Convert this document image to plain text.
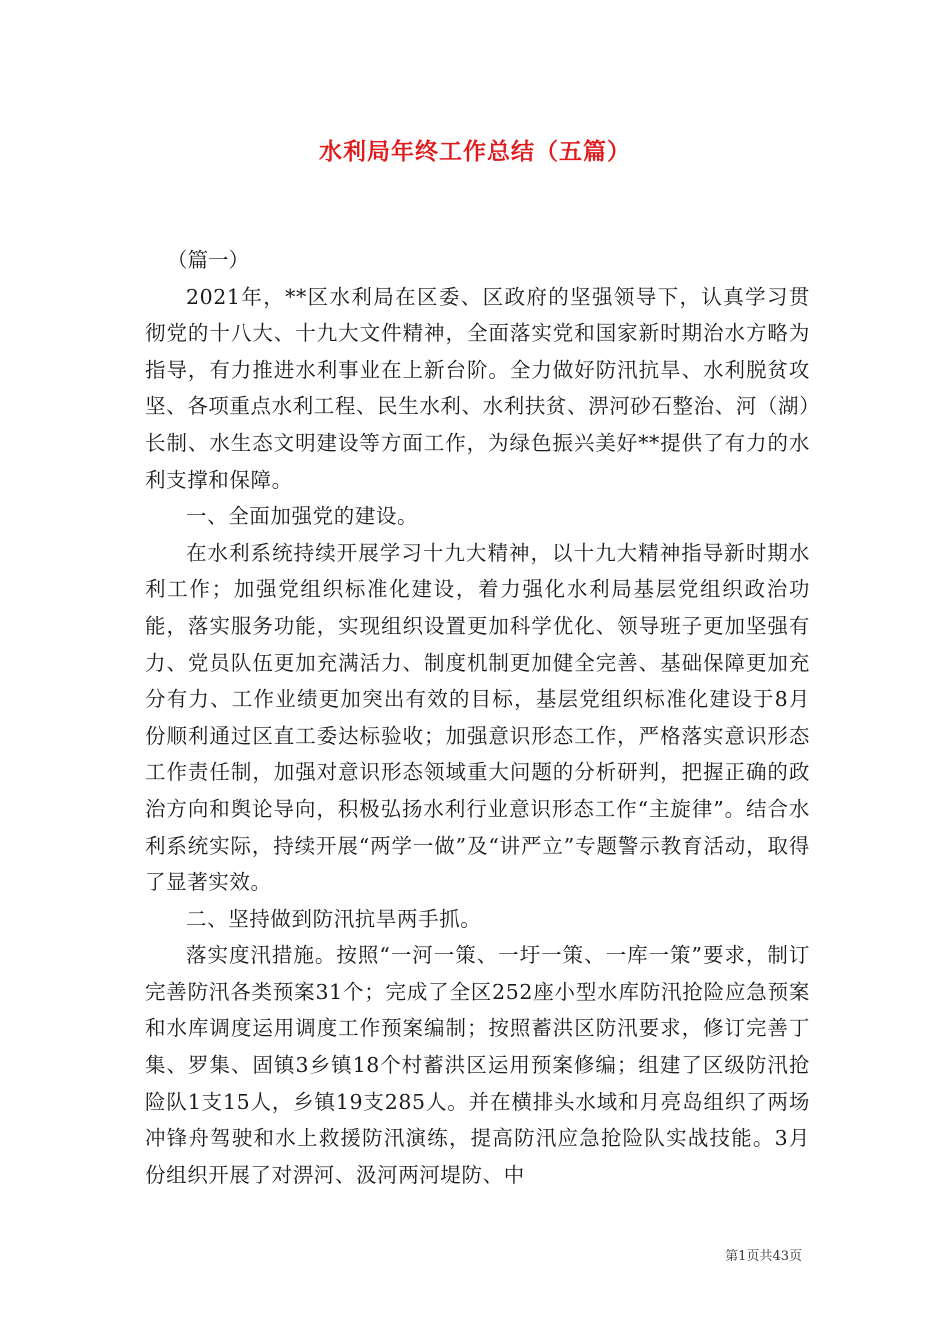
水利局年终工作总结（五篇）

（篇一）

2021年，**区水利局在区委、区政府的坚强领导下，认真学习贯彻党的十八大、十九大文件精神，全面落实党和国家新时期治水方略为指导，有力推进水利事业在上新台阶。全力做好防汛抗旱、水利脱贫攻坚、各项重点水利工程、民生水利、水利扶贫、淠河砂石整治、河（湖）长制、水生态文明建设等方面工作，为绿色振兴美好**提供了有力的水利支撑和保障。

一、全面加强党的建设。

在水利系统持续开展学习十九大精神，以十九大精神指导新时期水利工作；加强党组织标准化建设，着力强化水利局基层党组织政治功能，落实服务功能，实现组织设置更加科学优化、领导班子更加坚强有力、党员队伍更加充满活力、制度机制更加健全完善、基础保障更加充分有力、工作业绩更加突出有效的目标，基层党组织标准化建设于8月份顺利通过区直工委达标验收；加强意识形态工作，严格落实意识形态工作责任制，加强对意识形态领域重大问题的分析研判，把握正确的政治方向和舆论导向，积极弘扬水利行业意识形态工作“主旋律”。结合水利系统实际，持续开展“两学一做”及“讲严立”专题警示教育活动，取得了显著实效。

二、坚持做到防汛抗旱两手抓。

落实度汛措施。按照“一河一策、一圩一策、一库一策”要求，制订完善防汛各类预案31个；完成了全区252座小型水库防汛抢险应急预案和水库调度运用调度工作预案编制；按照蓄洪区防汛要求，修订完善丁集、罗集、固镇3乡镇18个村蓄洪区运用预案修编；组建了区级防汛抢险队1支15人，乡镇19支285人。并在横排头水域和月亮岛组织了两场冲锋舟驾驶和水上救援防汛演练，提高防汛应急抢险队实战技能。3月份组织开展了对淠河、汲河两河堤防、中

第1页共43页
